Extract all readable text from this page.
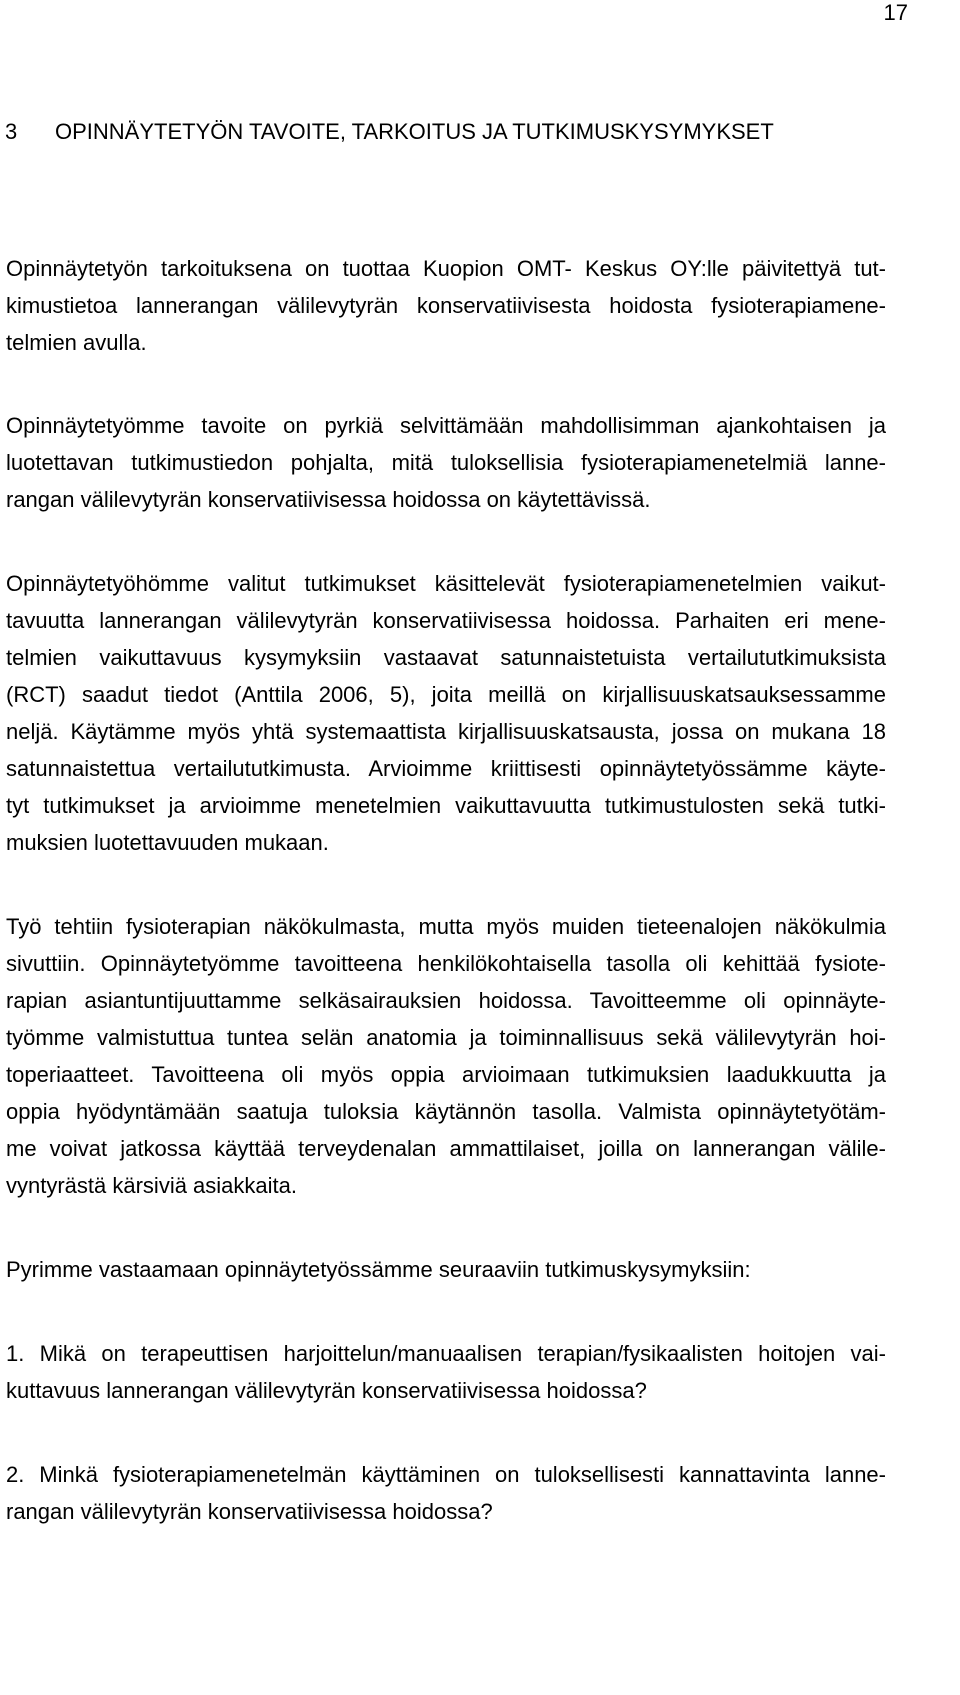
17
3 OPINNÄYTETYÖN TAVOITE, TARKOITUS JA TUTKIMUSKYSYMYKSET
Opinnäytetyön tarkoituksena on tuottaa Kuopion OMT- Keskus OY:lle päivitettyä tut-
kimustietoa lannerangan välilevytyrän konservatiivisesta hoidosta fysioterapiamene-
telmien avulla.
Opinnäytetyömme tavoite on pyrkiä selvittämään mahdollisimman ajankohtaisen ja
luotettavan tutkimustiedon pohjalta, mitä tuloksellisia fysioterapiamenetelmiä lanne-
rangan välilevytyrän konservatiivisessa hoidossa on käytettävissä.
Opinnäytetyöhömme valitut tutkimukset käsittelevät fysioterapiamenetelmien vaikut-
tavuutta lannerangan välilevytyrän konservatiivisessa hoidossa. Parhaiten eri mene-
telmien vaikuttavuus kysymyksiin vastaavat satunnaistetuista vertailututkimuksista
(RCT) saadut tiedot (Anttila 2006, 5), joita meillä on kirjallisuuskatsauksessamme
neljä. Käytämme myös yhtä systemaattista kirjallisuuskatsausta, jossa on mukana 18
satunnaistettua vertailututkimusta. Arvioimme kriittisesti opinnäytetyössämme käyte-
tyt tutkimukset ja arvioimme menetelmien vaikuttavuutta tutkimustulosten sekä tutki-
muksien luotettavuuden mukaan.
Työ tehtiin fysioterapian näkökulmasta, mutta myös muiden tieteenalojen näkökulmia
sivuttiin. Opinnäytetyömme tavoitteena henkilökohtaisella tasolla oli kehittää fysiote-
rapian asiantuntijuuttamme selkäsairauksien hoidossa. Tavoitteemme oli opinnäyte-
työmme valmistuttua tuntea selän anatomia ja toiminnallisuus sekä välilevytyrän hoi-
toperiaatteet. Tavoitteena oli myös oppia arvioimaan tutkimuksien laadukkuutta ja
oppia hyödyntämään saatuja tuloksia käytännön tasolla. Valmista opinnäytetyötäm-
me voivat jatkossa käyttää terveydenalan ammattilaiset, joilla on lannerangan välile-
vyntyrästä kärsiviä asiakkaita.
Pyrimme vastaamaan opinnäytetyössämme seuraaviin tutkimuskysymyksiin:
1. Mikä on terapeuttisen harjoittelun/manuaalisen terapian/fysikaalisten hoitojen vai-
kuttavuus lannerangan välilevytyrän konservatiivisessa hoidossa?
2. Minkä fysioterapiamenetelmän käyttäminen on tuloksellisesti kannattavinta lanne-
rangan välilevytyrän konservatiivisessa hoidossa?
